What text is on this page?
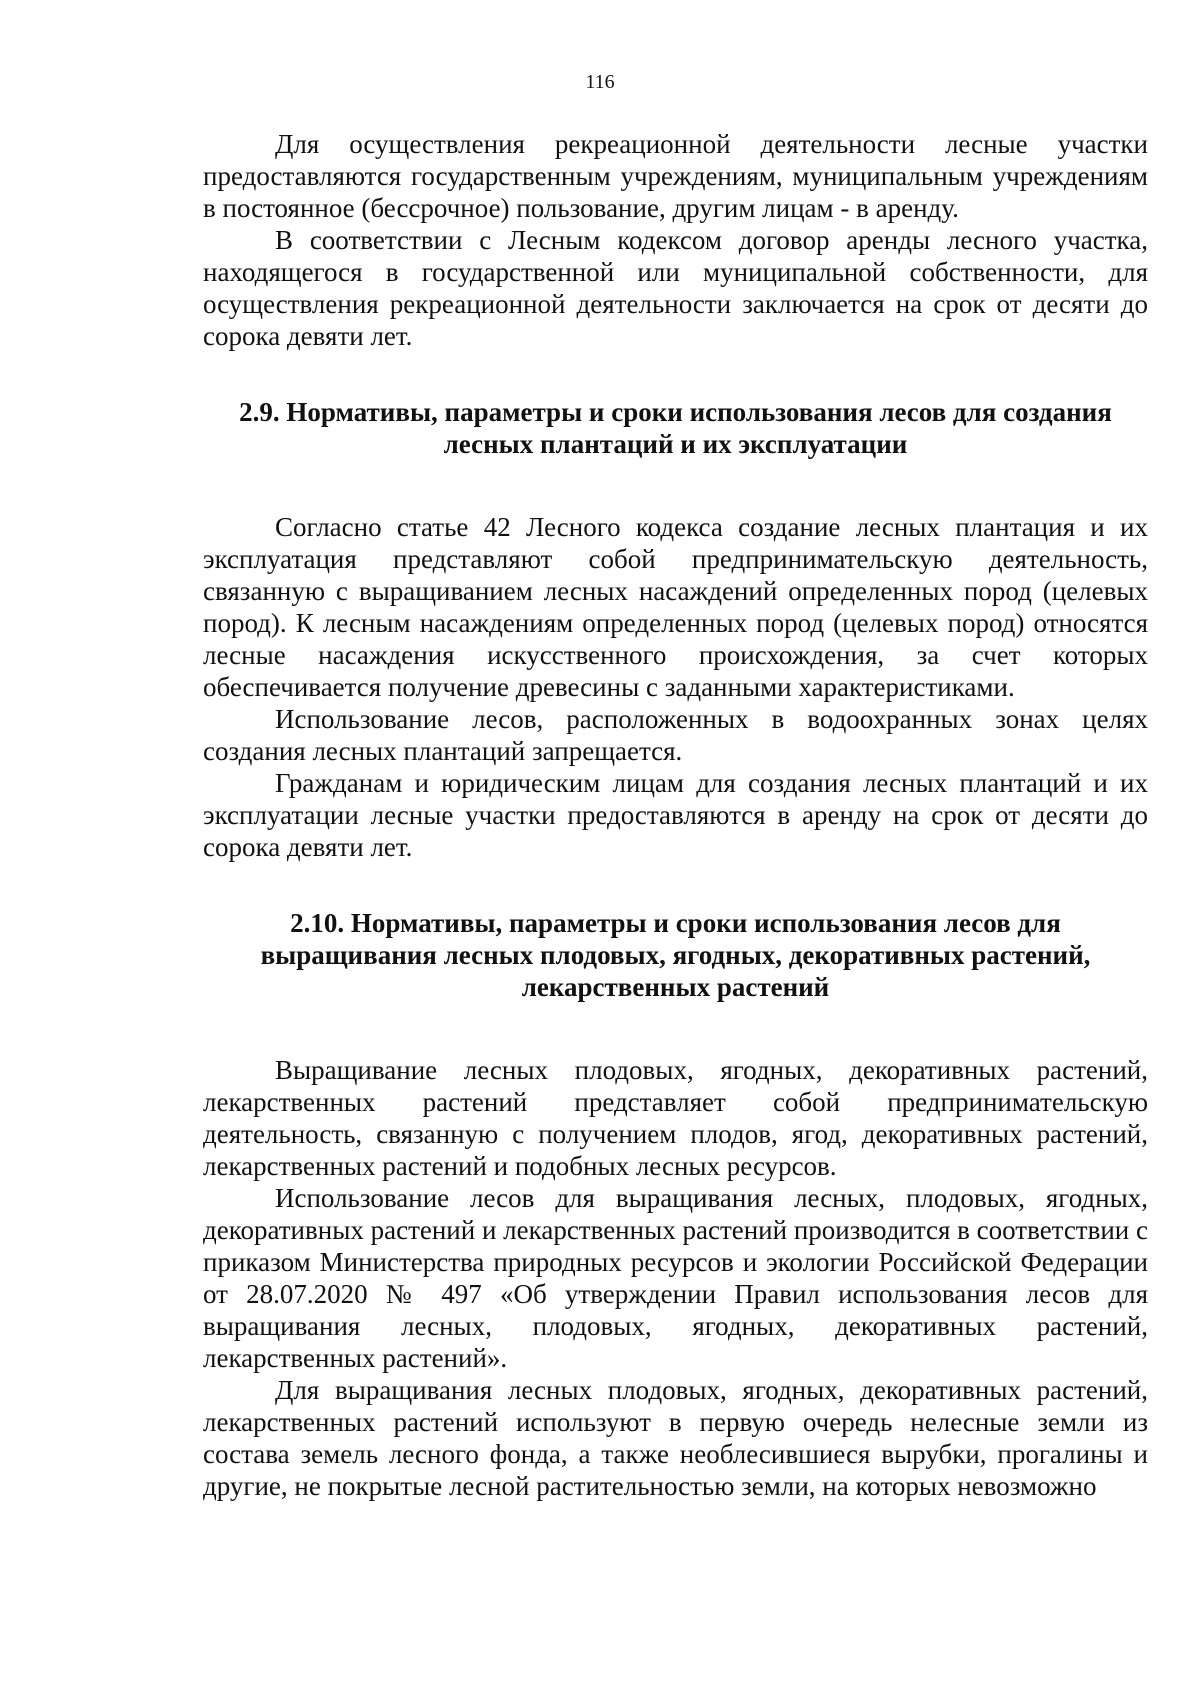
116

Для осуществления рекреационной деятельности лесные участки предоставляются государственным учреждениям, муниципальным учреждениям в постоянное (бессрочное) пользование, другим лицам - в аренду.

В соответствии с Лесным кодексом договор аренды лесного участка, находящегося в государственной или муниципальной собственности, для осуществления рекреационной деятельности заключается на срок от десяти до сорока девяти лет.

2.9. Нормативы, параметры и сроки использования лесов для создания лесных плантаций и их эксплуатации

Согласно статье 42 Лесного кодекса создание лесных плантация и их эксплуатация представляют собой предпринимательскую деятельность, связанную с выращиванием лесных насаждений определенных пород (целевых пород). К лесным насаждениям определенных пород (целевых пород) относятся лесные насаждения искусственного происхождения, за счет которых обеспечивается получение древесины с заданными характеристиками.

Использование лесов, расположенных в водоохранных зонах целях создания лесных плантаций запрещается.

Гражданам и юридическим лицам для создания лесных плантаций и их эксплуатации лесные участки предоставляются в аренду на срок от десяти до сорока девяти лет.

2.10. Нормативы, параметры и сроки использования лесов для выращивания лесных плодовых, ягодных, декоративных растений, лекарственных растений

Выращивание лесных плодовых, ягодных, декоративных растений, лекарственных растений представляет собой предпринимательскую деятельность, связанную с получением плодов, ягод, декоративных растений, лекарственных растений и подобных лесных ресурсов.

Использование лесов для выращивания лесных, плодовых, ягодных, декоративных растений и лекарственных растений производится в соответствии с приказом Министерства природных ресурсов и экологии Российской Федерации от 28.07.2020 № 497 «Об утверждении Правил использования лесов для выращивания лесных, плодовых, ягодных, декоративных растений, лекарственных растений».

Для выращивания лесных плодовых, ягодных, декоративных растений, лекарственных растений используют в первую очередь нелесные земли из состава земель лесного фонда, а также необлесившиеся вырубки, прогалины и другие, не покрытые лесной растительностью земли, на которых невозможно
